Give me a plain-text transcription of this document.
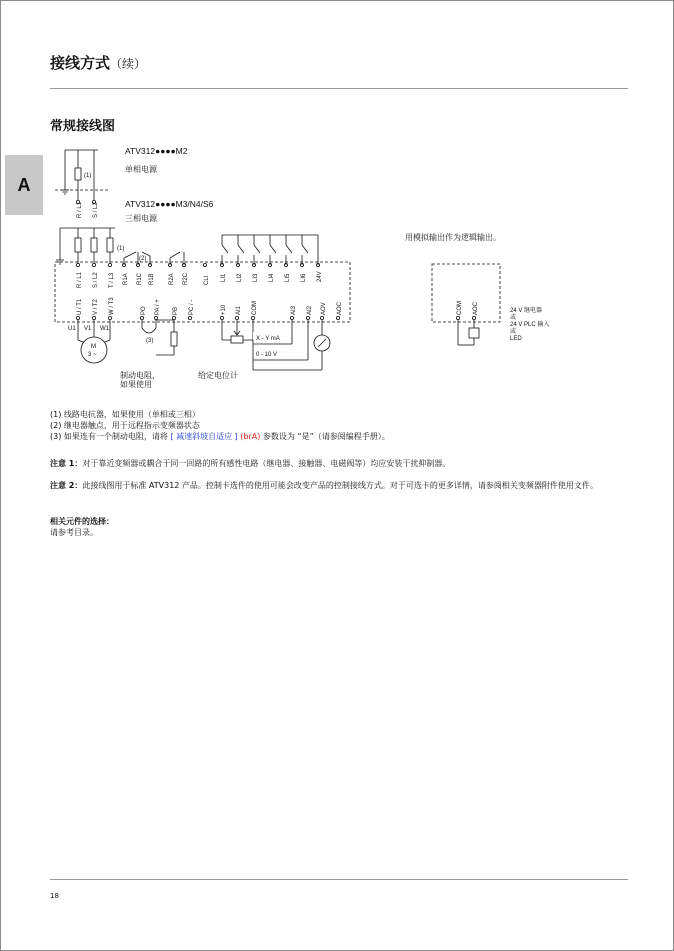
接线方式（续）
常规接线图
A	(1)
R / L1 S / L2
ATV312●●●●M2
单相电源
ATV312●●●●M3/N4/S6
三相电源
(1)
R / L1 S / L2 T / L3
(2)
R1A R1C R1B R2A R2C	CLI LI1 LI2 LI3 LI4 LI5 LI6 24V
U / T1 V / T2 W / T3	PO PA / + PB PC / -	+10 AI1 COM	AI3 AI2 AOV AOC
M
3 ~
U1 V1 W1
(3)
制动电阻，
如果使用
给定电位计
X - Y mA
0 - 10 V
用模拟输出作为逻辑输出。
COM AOC	24 V 继电器
或
24 V PLC 输入
或
LED

(1) 线路电抗器，如果使用（单相或三相）

(2) 继电器触点，用于远程指示变频器状态

(3) 如果连有一个制动电阻，请将 [ 减速斜坡自适应 ] (brA) 参数设为 “是”（请参阅编程手册）。

注意 1：对于靠近变频器或耦合于同一回路的所有感性电路（继电器、接触器、电磁阀等）均应安装干扰抑制器。
注意 2：此接线图用于标准 ATV312 产品。控制卡选件的使用可能会改变产品的控制接线方式。对于可选卡的更多详情，请参阅相关变频器附件使用文件。
相关元件的选择：
请参考目录。
18
